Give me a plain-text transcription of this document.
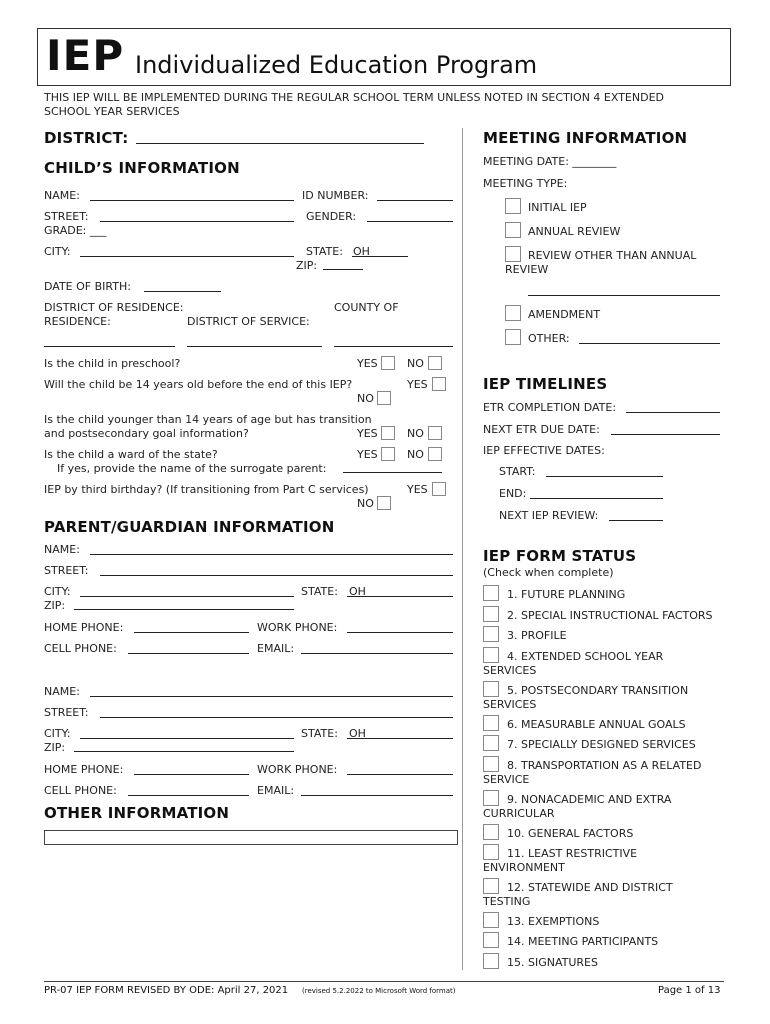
IEP Individualized Education Program
THIS IEP WILL BE IMPLEMENTED DURING THE REGULAR SCHOOL TERM UNLESS NOTED IN SECTION 4 EXTENDED
SCHOOL YEAR SERVICES
DISTRICT:
CHILD’S INFORMATION
NAME:	ID NUMBER:
STREET:	GENDER:
GRADE: ___
CITY:	STATE: OH
ZIP:
DATE OF BIRTH:
DISTRICT OF RESIDENCE:	COUNTY OF
RESIDENCE:	DISTRICT OF SERVICE:
Is the child in preschool?	YES	NO
Will the child be 14 years old before the end of this IEP?	YES
NO
Is the child younger than 14 years of age but has transition
and postsecondary goal information?	YES	NO
Is the child a ward of the state?	YES	NO
If yes, provide the name of the surrogate parent:
IEP by third birthday? (If transitioning from Part C services)	YES
NO
PARENT/GUARDIAN INFORMATION
NAME:
STREET:
CITY:	STATE: OH
ZIP:
HOME PHONE:	WORK PHONE:
CELL PHONE:	EMAIL:
NAME:
STREET:
CITY:	STATE: OH
ZIP:
HOME PHONE:	WORK PHONE:
CELL PHONE:	EMAIL:
OTHER INFORMATION
MEETING INFORMATION
MEETING DATE: ________
MEETING TYPE:
INITIAL IEP
ANNUAL REVIEW
REVIEW OTHER THAN ANNUAL
REVIEW
AMENDMENT
OTHER:
IEP TIMELINES
ETR COMPLETION DATE:
NEXT ETR DUE DATE:
IEP EFFECTIVE DATES:
START:
END:
NEXT IEP REVIEW:
IEP FORM STATUS
(Check when complete)
1. FUTURE PLANNING
2. SPECIAL INSTRUCTIONAL FACTORS
3. PROFILE
4. EXTENDED SCHOOL YEAR
SERVICES
5. POSTSECONDARY TRANSITION
SERVICES
6. MEASURABLE ANNUAL GOALS
7. SPECIALLY DESIGNED SERVICES
8. TRANSPORTATION AS A RELATED
SERVICE
9. NONACADEMIC AND EXTRA
CURRICULAR
10. GENERAL FACTORS
11. LEAST RESTRICTIVE
ENVIRONMENT
12. STATEWIDE AND DISTRICT
TESTING
13. EXEMPTIONS
14. MEETING PARTICIPANTS
15. SIGNATURES
PR-07 IEP FORM REVISED BY ODE: April 27, 2021 (revised 5.2.2022 to Microsoft Word format)	Page 1 of 13
